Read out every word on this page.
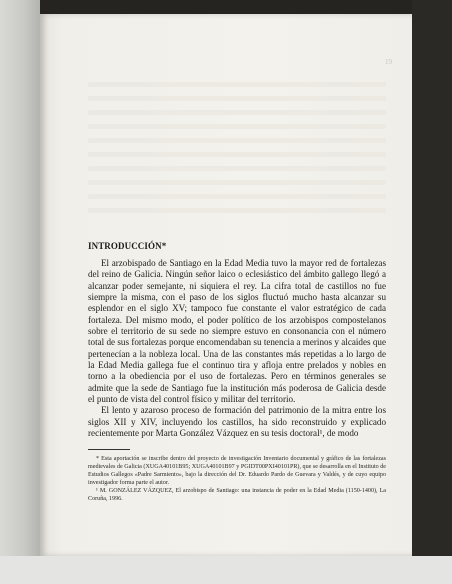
19
INTRODUCCIÓN*

El arzobispado de Santiago en la Edad Media tuvo la mayor red de fortalezas del reino de Galicia. Ningún señor laico o eclesiástico del ámbito gallego llegó a alcanzar poder semejante, ni siquiera el rey. La cifra total de castillos no fue siempre la misma, con el paso de los siglos fluctuó mucho hasta alcanzar su esplendor en el siglo XV; tampoco fue constante el valor estratégico de cada fortaleza. Del mismo modo, el poder político de los arzobispos compostelanos sobre el territorio de su sede no siempre estuvo en consonancia con el número total de sus fortalezas porque encomendaban su tenencia a merinos y alcaides que pertenecían a la nobleza local. Una de las constantes más repetidas a lo largo de la Edad Media gallega fue el continuo tira y afloja entre prelados y nobles en torno a la obediencia por el uso de fortalezas. Pero en términos generales se admite que la sede de Santiago fue la institución más poderosa de Galicia desde el punto de vista del control físico y militar del territorio.

El lento y azaroso proceso de formación del patrimonio de la mitra entre los siglos XII y XIV, incluyendo los castillos, ha sido reconstruido y explicado recientemente por Marta González Vázquez en su tesis doctoral¹, de modo

* Esta aportación se inscribe dentro del proyecto de investigación Inventario documental y gráfico de las fortalezas medievales de Galicia (XUGA40101B95; XUGA40101B97 y PGIDT00PXI40101PR), que se desarrolla en el Instituto de Estudios Gallegos «Padre Sarmiento», bajo la dirección del Dr. Eduardo Pardo de Guevara y Valdés, y de cuyo equipo investigador forma parte el autor.

¹ M. GONZÁLEZ VÁZQUEZ, El arzobispo de Santiago: una instancia de poder en la Edad Media (1150-1400), La Coruña, 1996.
